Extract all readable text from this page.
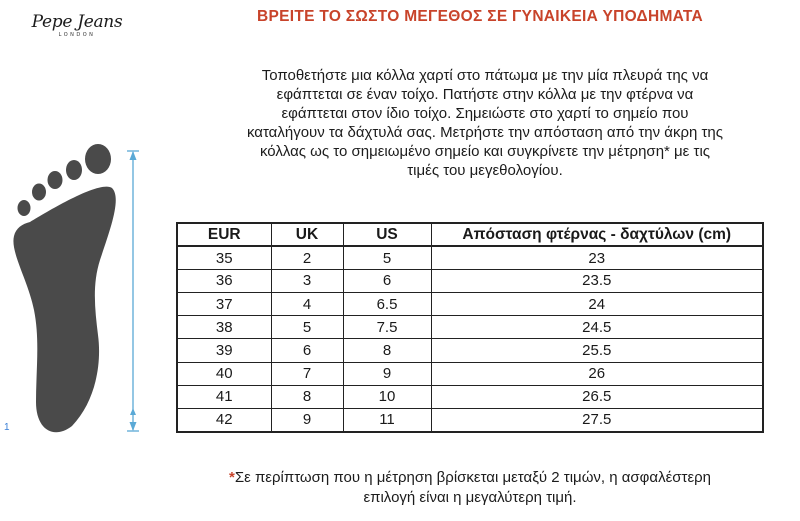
Pepe Jeans
LONDON
ΒΡΕΙΤΕ ΤΟ ΣΩΣΤΟ ΜΕΓΕΘΟΣ ΣΕ ΓΥΝΑΙΚΕΙΑ ΥΠΟΔΗΜΑΤΑ
Τοποθετήστε μια κόλλα χαρτί στο πάτωμα με την μία πλευρά της να
εφάπτεται σε έναν τοίχο. Πατήστε στην κόλλα με την φτέρνα να
εφάπτεται στον ίδιο τοίχο. Σημειώστε στο χαρτί το σημείο που
καταλήγουν τα δάχτυλά σας. Μετρήστε την απόσταση από την άκρη της
κόλλας ως το σημειωμένο σημείο και συγκρίνετε την μέτρηση* με τις
τιμές του μεγεθολογίου.
1
EUR	UK	US	Απόσταση φτέρνας - δαχτύλων (cm)
35	2	5	23
36	3	6	23.5
37	4	6.5	24
38	5	7.5	24.5
39	6	8	25.5
40	7	9	26
41	8	10	26.5
42	9	11	27.5
*Σε περίπτωση που η μέτρηση βρίσκεται μεταξύ 2 τιμών, η ασφαλέστερη
επιλογή είναι η μεγαλύτερη τιμή.
